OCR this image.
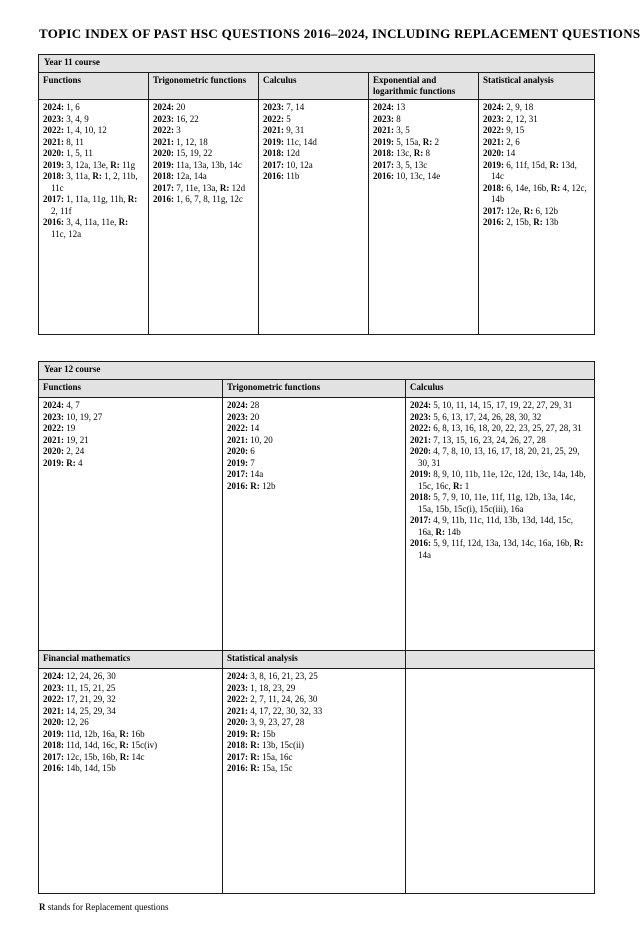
TOPIC INDEX OF PAST HSC QUESTIONS 2016–2024, INCLUDING REPLACEMENT QUESTIONS
Year 11 course				
Functions	Trigonometric functions	Calculus	Exponential and logarithmic functions	Statistical analysis

2024: 1, 6
2023: 3, 4, 9
2022: 1, 4, 10, 12
2021: 8, 11
2020: 1, 5, 11
2019: 3, 12a, 13e, R: 11g
2018: 3, 11a, R: 1, 2, 11b, 11c
2017: 1, 11a, 11g, 11h, R: 2, 11f
2016: 3, 4, 11a, 11e, R: 11c, 12a

2024: 20
2023: 16, 22
2022: 3
2021: 1, 12, 18
2020: 15, 19, 22
2019: 11a, 13a, 13b, 14c
2018: 12a, 14a
2017: 7, 11e, 13a, R: 12d
2016: 1, 6, 7, 8, 11g, 12c

2023: 7, 14
2022: 5
2021: 9, 31
2019: 11c, 14d
2018: 12d
2017: 10, 12a
2016: 11b

2024: 13
2023: 8
2021: 3, 5
2019: 5, 15a, R: 2
2018: 13c, R: 8
2017: 3, 5, 13c
2016: 10, 13c, 14e

2024: 2, 9, 18
2023: 2, 12, 31
2022: 9, 15
2021: 2, 6
2020: 14
2019: 6, 11f, 15d, R: 13d, 14c
2018: 6, 14e, 16b, R: 4, 12c, 14b
2017: 12e, R: 6, 12b
2016: 2, 15b, R: 13b
Year 12 course		
Functions	Trigonometric functions	Calculus

2024: 4, 7
2023: 10, 19, 27
2022: 19
2021: 19, 21
2020: 2, 24
2019: R: 4

2024: 28
2023: 20
2022: 14
2021: 10, 20
2020: 6
2019: 7
2017: 14a
2016: R: 12b

2024: 5, 10, 11, 14, 15, 17, 19, 22, 27, 29, 31
2023: 5, 6, 13, 17, 24, 26, 28, 30, 32
2022: 6, 8, 13, 16, 18, 20, 22, 23, 25, 27, 28, 31
2021: 7, 13, 15, 16, 23, 24, 26, 27, 28
2020: 4, 7, 8, 10, 13, 16, 17, 18, 20, 21, 25, 29, 30, 31
2019: 8, 9, 10, 11b, 11e, 12c, 12d, 13c, 14a, 14b, 15c, 16c, R: 1
2018: 5, 7, 9, 10, 11e, 11f, 11g, 12b, 13a, 14c, 15a, 15b, 15c(i), 15c(iii), 16a
2017: 4, 9, 11b, 11c, 11d, 13b, 13d, 14d, 15c, 16a, R: 14b
2016: 5, 9, 11f, 12d, 13a, 13d, 14c, 16a, 16b, R: 14a

Financial mathematics	Statistical analysis	

2024: 12, 24, 26, 30
2023: 11, 15, 21, 25
2022: 17, 21, 29, 32
2021: 14, 25, 29, 34
2020: 12, 26
2019: 11d, 12b, 16a, R: 16b
2018: 11d, 14d, 16c, R: 15c(iv)
2017: 12c, 15b, 16b, R: 14c
2016: 14b, 14d, 15b

2024: 3, 8, 16, 21, 23, 25
2023: 1, 18, 23, 29
2022: 2, 7, 11, 24, 26, 30
2021: 4, 17, 22, 30, 32, 33
2020: 3, 9, 23, 27, 28
2019: R: 15b
2018: R: 13b, 15c(ii)
2017: R: 15a, 16c
2016: R: 15a, 15c

R stands for Replacement questions
